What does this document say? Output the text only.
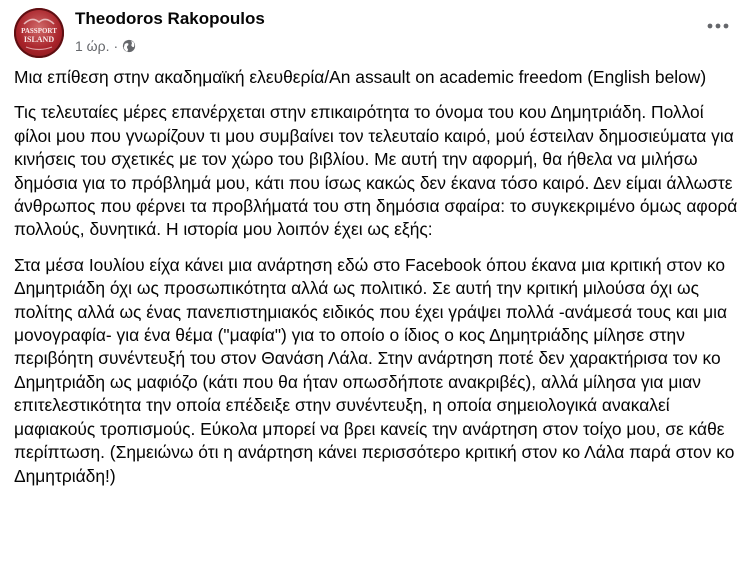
PASSPORT
ISLAND
Theodoros Rakopoulos
1 ώρ. ·

Μια επίθεση στην ακαδημαϊκή ελευθερία/An assault on academic freedom (English below)

Τις τελευταίες μέρες επανέρχεται στην επικαιρότητα το όνομα του κου Δημητριάδη. Πολλοί φίλοι μου που γνωρίζουν τι μου συμβαίνει τον τελευταίο καιρό, μού έστειλαν δημοσιεύματα για κινήσεις του σχετικές με τον χώρο του βιβλίου. Με αυτή την αφορμή, θα ήθελα να μιλήσω δημόσια για το πρόβλημά μου, κάτι που ίσως κακώς δεν έκανα τόσο καιρό. Δεν είμαι άλλωστε άνθρωπος που φέρνει τα προβλήματά του στη δημόσια σφαίρα: το συγκεκριμένο όμως αφορά πολλούς, δυνητικά. Η ιστορία μου λοιπόν έχει ως εξής:

Στα μέσα Ιουλίου είχα κάνει μια ανάρτηση εδώ στο Facebook όπου έκανα μια κριτική στον κο Δημητριάδη όχι ως προσωπικότητα αλλά ως πολιτικό. Σε αυτή την κριτική μιλούσα όχι ως πολίτης αλλά ως ένας πανεπιστημιακός ειδικός που έχει γράψει πολλά -ανάμεσά τους και μια μονογραφία- για ένα θέμα ("μαφία") για το οποίο ο ίδιος ο κος Δημητριάδης μίλησε στην περιβόητη συνέντευξή του στον Θανάση Λάλα. Στην ανάρτηση ποτέ δεν χαρακτήρισα τον κο Δημητριάδη ως μαφιόζο (κάτι που θα ήταν οπωσδήποτε ανακριβές), αλλά μίλησα για μιαν επιτελεστικότητα την οποία επέδειξε στην συνέντευξη, η οποία σημειολογικά ανακαλεί μαφιακούς τροπισμούς. Εύκολα μπορεί να βρει κανείς την ανάρτηση στον τοίχο μου, σε κάθε περίπτωση. (Σημειώνω ότι η ανάρτηση κάνει περισσότερο κριτική στον κο Λάλα παρά στον κο Δημητριάδη!)
